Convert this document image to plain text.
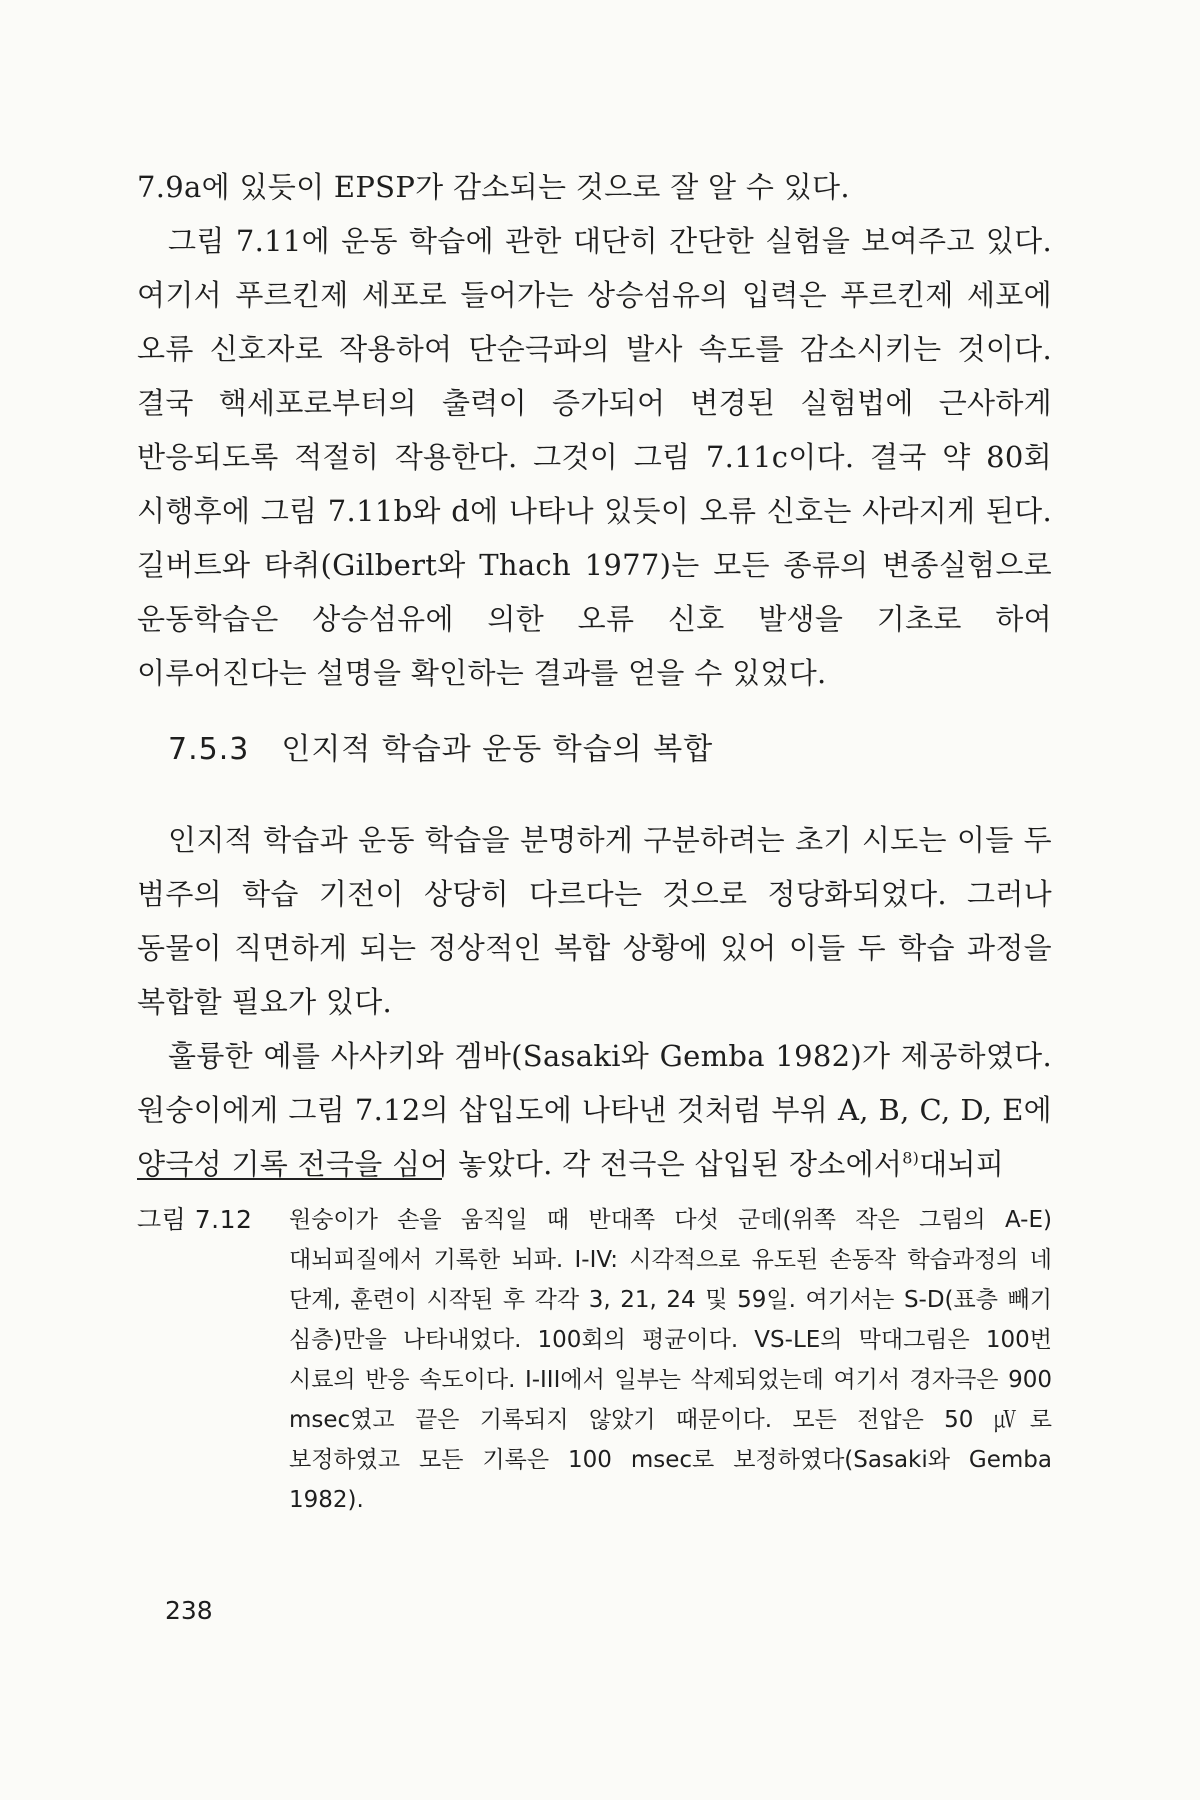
7.9a에 있듯이 EPSP가 감소되는 것으로 잘 알 수 있다.

그림 7.11에 운동 학습에 관한 대단히 간단한 실험을 보여주고 있다. 여기서 푸르킨제 세포로 들어가는 상승섬유의 입력은 푸르킨제 세포에 오류 신호자로 작용하여 단순극파의 발사 속도를 감소시키는 것이다. 결국 핵세포로부터의 출력이 증가되어 변경된 실험법에 근사하게 반응되도록 적절히 작용한다. 그것이 그림 7.11c이다. 결국 약 80회 시행후에 그림 7.11b와 d에 나타나 있듯이 오류 신호는 사라지게 된다. 길버트와 타취(Gilbert와 Thach 1977)는 모든 종류의 변종실험으로 운동학습은 상승섬유에 의한 오류 신호 발생을 기초로 하여 이루어진다는 설명을 확인하는 결과를 얻을 수 있었다.

7.5.3 인지적 학습과 운동 학습의 복합

인지적 학습과 운동 학습을 분명하게 구분하려는 초기 시도는 이들 두 범주의 학습 기전이 상당히 다르다는 것으로 정당화되었다. 그러나 동물이 직면하게 되는 정상적인 복합 상황에 있어 이들 두 학습 과정을 복합할 필요가 있다.

훌륭한 예를 사사키와 겜바(Sasaki와 Gemba 1982)가 제공하였다. 원숭이에게 그림 7.12의 삽입도에 나타낸 것처럼 부위 A, B, C, D, E에 양극성 기록 전극을 심어 놓았다. 각 전극은 삽입된 장소에서$^{8)}$대뇌피

그림 7.12 원숭이가 손을 움직일 때 반대쪽 다섯 군데(위쪽 작은 그림의 A-E) 대뇌피질에서 기록한 뇌파. I-IV: 시각적으로 유도된 손동작 학습과정의 네 단계, 훈련이 시작된 후 각각 3, 21, 24 및 59일. 여기서는 S-D(표층 빼기 심층)만을 나타내었다. 100회의 평균이다. VS-LE의 막대그림은 100번 시료의 반응 속도이다. I-III에서 일부는 삭제되었는데 여기서 경자극은 900 msec였고 끝은 기록되지 않았기 때문이다. 모든 전압은 50 ㎶로 보정하였고 모든 기록은 100 msec로 보정하였다(Sasaki와 Gemba 1982).

238
